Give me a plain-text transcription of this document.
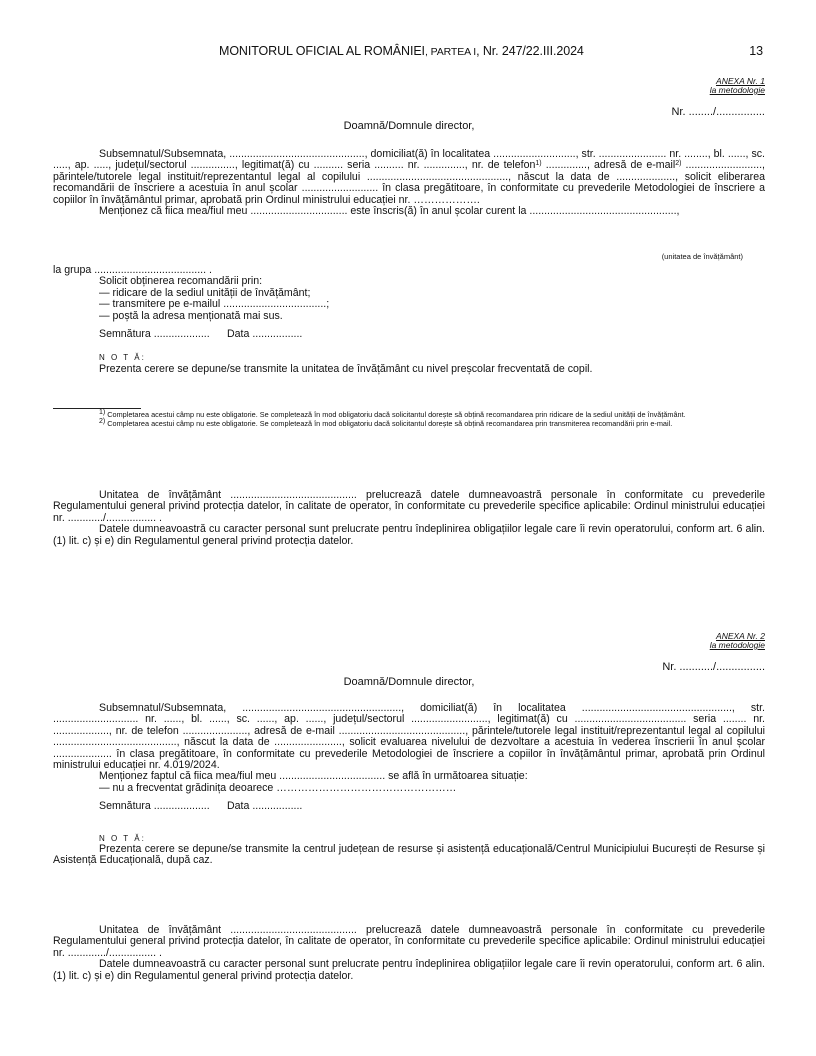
MONITORUL OFICIAL AL ROMÂNIEI, PARTEA I, Nr. 247/22.III.2024	13
ANEXA Nr. 1
la metodologie
Nr. ......../................
Doamnă/Domnule director,

Subsemnatul/Subsemnata, .............................................., domiciliat(ă) în localitatea ............................, str. ....................... nr. ........, bl. ......, sc. ....., ap. ....., județul/sectorul ..............., legitimat(ă) cu .......... seria .......... nr. .............., nr. de telefon$^{1)}$ .............., adresă de e-mail$^{2)}$ .........................., părintele/tutorele legal instituit/reprezentantul legal al copilului ................................................, născut la data de ...................., solicit eliberarea recomandării de înscriere a acestuia în anul școlar .......................... în clasa pregătitoare, în conformitate cu prevederile Metodologiei de înscriere a copiilor în învățământul primar, aprobată prin Ordinul ministrului educației nr. ……………….

Menționez că fiica mea/fiul meu ................................. este înscris(ă) în anul școlar curent la ..................................................,

(unitatea de învățământ)

la grupa ...................................... .

Solicit obținerea recomandării prin:

— ridicare de la sediul unității de învățământ;

— transmitere pe e-mailul ...................................;

— poștă la adresa menționată mai sus.

Semnătura ................... Data .................

N O T Ă:

Prezenta cerere se depune/se transmite la unitatea de învățământ cu nivel preșcolar frecventată de copil.

$^{1)}$ Completarea acestui câmp nu este obligatorie. Se completează în mod obligatoriu dacă solicitantul dorește să obțină recomandarea prin ridicare de la sediul unității de învățământ.

$^{2)}$ Completarea acestui câmp nu este obligatorie. Se completează în mod obligatoriu dacă solicitantul dorește să obțină recomandarea prin transmiterea recomandării prin e-mail.

Unitatea de învățământ ........................................... prelucrează datele dumneavoastră personale în conformitate cu prevederile Regulamentului general privind protecția datelor, în calitate de operator, în conformitate cu prevederile specifice aplicabile: Ordinul ministrului educației nr. ............/................. .

Datele dumneavoastră cu caracter personal sunt prelucrate pentru îndeplinirea obligațiilor legale care îi revin operatorului, conform art. 6 alin. (1) lit. c) și e) din Regulamentul general privind protecția datelor.

ANEXA Nr. 2
la metodologie
Nr. .........../................
Doamnă/Domnule director,

Subsemnatul/Subsemnata, ......................................................, domiciliat(ă) în localitatea ..................................................., str. ............................. nr. ......, bl. ......, sc. ......, ap. ......, județul/sectorul .........................., legitimat(ă) cu ...................................... seria ........ nr. ..................., nr. de telefon ......................, adresă de e-mail ..........................................., părintele/tutorele legal instituit/reprezentantul legal al copilului .........................................., născut la data de ......................., solicit evaluarea nivelului de dezvoltare a acestuia în vederea înscrierii în anul școlar .................... în clasa pregătitoare, în conformitate cu prevederile Metodologiei de înscriere a copiilor în învățământul primar, aprobată prin Ordinul ministrului educației nr. 4.019/2024.

Menționez faptul că fiica mea/fiul meu .................................... se află în următoarea situație:

— nu a frecventat grădinița deoarece ……………………………………………

Semnătura ................... Data .................

N O T Ă:

Prezenta cerere se depune/se transmite la centrul județean de resurse și asistență educațională/Centrul Municipiului București de Resurse și Asistență Educațională, după caz.

Unitatea de învățământ ........................................... prelucrează datele dumneavoastră personale în conformitate cu prevederile Regulamentului general privind protecția datelor, în calitate de operator, în conformitate cu prevederile specifice aplicabile: Ordinul ministrului educației nr. ............./................ .

Datele dumneavoastră cu caracter personal sunt prelucrate pentru îndeplinirea obligațiilor legale care îi revin operatorului, conform art. 6 alin. (1) lit. c) și e) din Regulamentul general privind protecția datelor.
